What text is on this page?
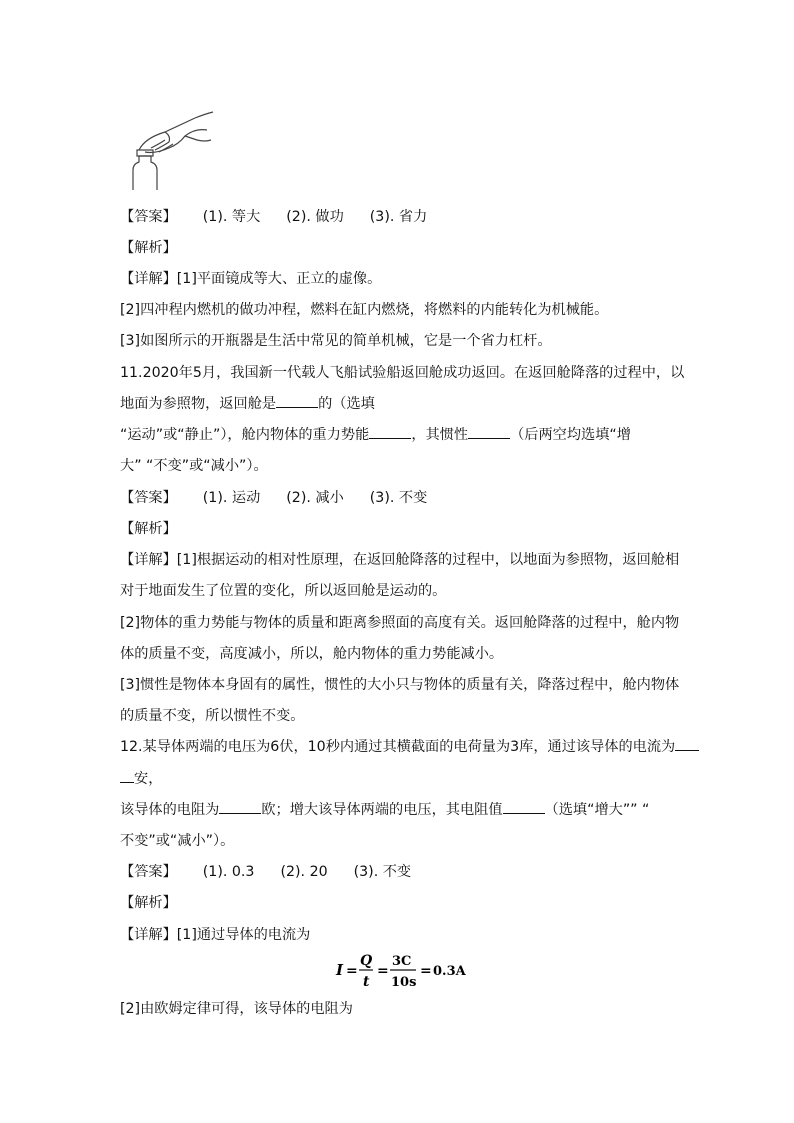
【答案】 (1). 等大 (2). 做功 (3). 省力
【解析】
【详解】[1]平面镜成等大、正立的虚像。
[2]四冲程内燃机的做功冲程，燃料在缸内燃烧，将燃料的内能转化为机械能。
[3]如图所示的开瓶器是生活中常见的简单机械，它是一个省力杠杆。
11.2020年5月，我国新一代载人飞船试验船返回舱成功返回。在返回舱降落的过程中，以
地面为参照物，返回舱是	的（选填
“运动”或“静止”），舱内物体的重力势能	，其惯性	（后两空均选填“增
大” “不变”或“减小”）。
【答案】 (1). 运动 (2). 减小 (3). 不变
【解析】
【详解】[1]根据运动的相对性原理，在返回舱降落的过程中，以地面为参照物，返回舱相
对于地面发生了位置的变化，所以返回舱是运动的。
[2]物体的重力势能与物体的质量和距离参照面的高度有关。返回舱降落的过程中，舱内物
体的质量不变，高度减小，所以，舱内物体的重力势能减小。
[3]惯性是物体本身固有的属性，惯性的大小只与物体的质量有关，降落过程中，舱内物体
的质量不变，所以惯性不变。
12.某导体两端的电压为6伏，10秒内通过其横截面的电荷量为3库，通过该导体的电流为
安，
该导体的电阻为	欧；增大该导体两端的电压，其电阻值	（选填“增大”” “
不变”或“减小”）。
【答案】 (1). 0.3 (2). 20 (3). 不变
【解析】
【详解】[1]通过导体的电流为
I =
Q
t
=
3C
10s
= 0.3A
[2]由欧姆定律可得，该导体的电阻为
